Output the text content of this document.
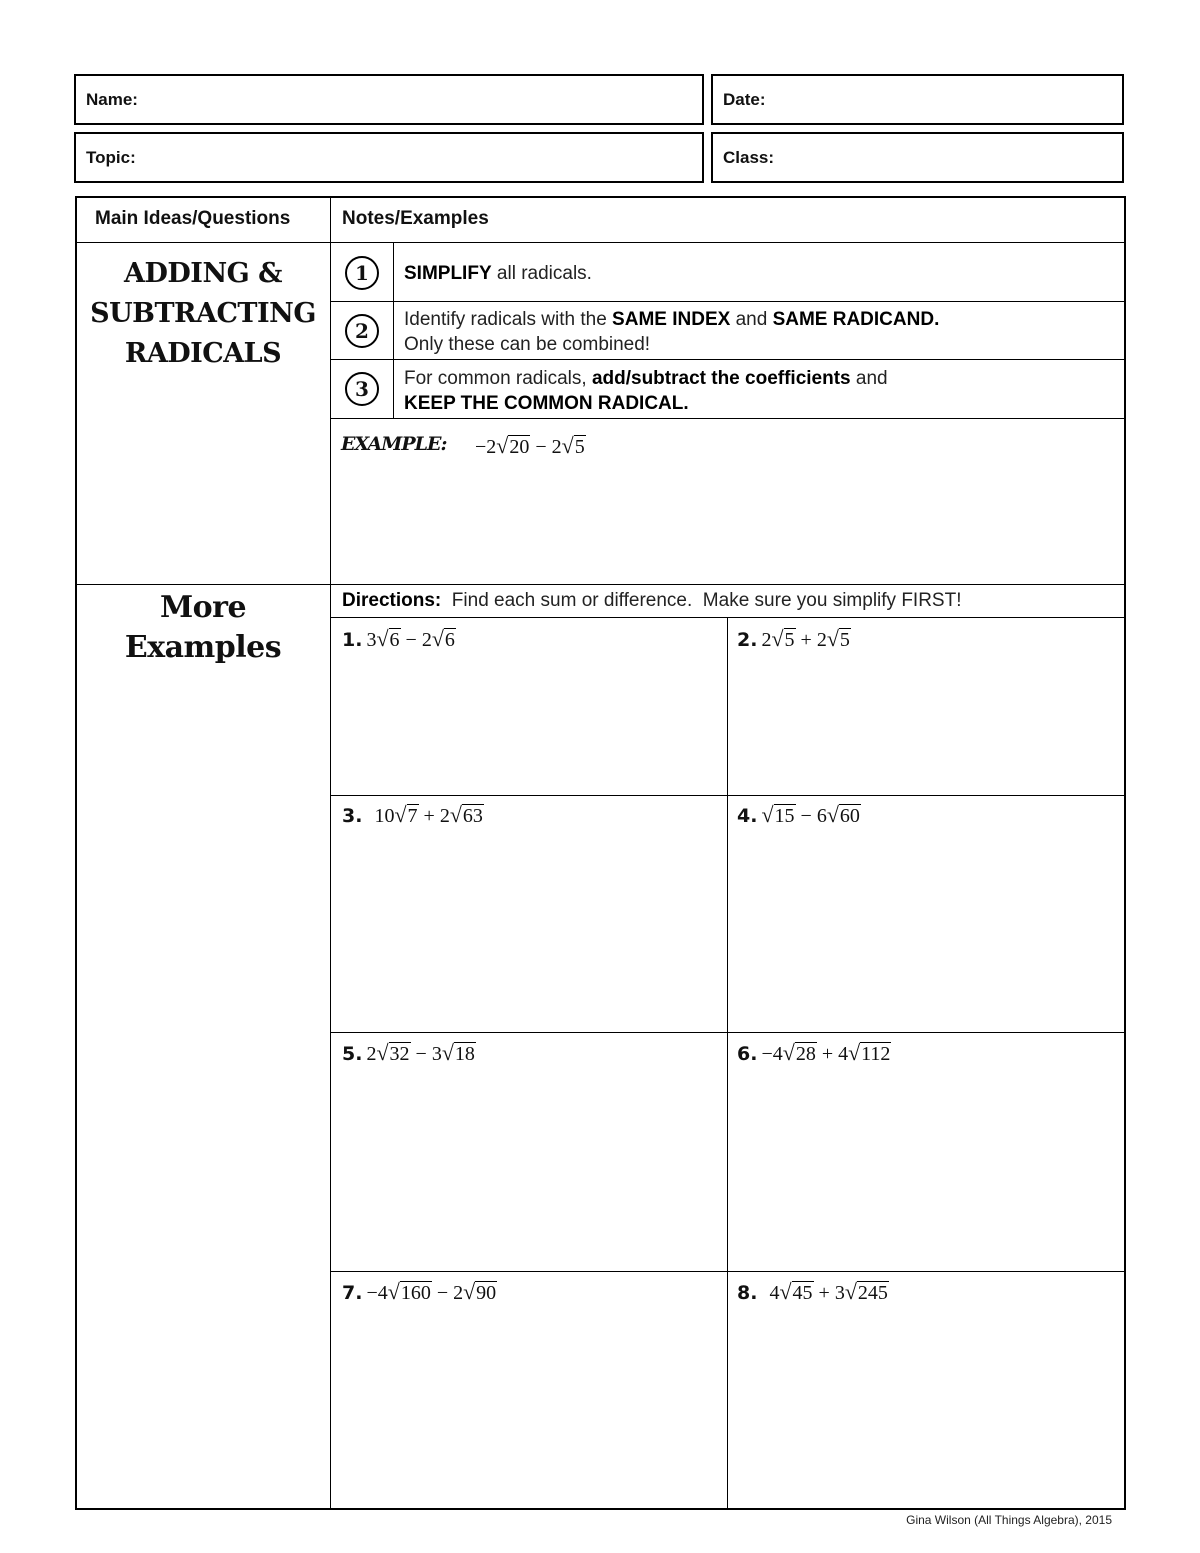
Name:	Date:
Topic:	Class:
Main Ideas/Questions	Notes/Examples
ADDING &
SUBTRACTING
RADICALS
1	SIMPLIFY all radicals.
2	Identify radicals with the SAME INDEX and SAME RADICAND.
Only these can be combined!
3	For common radicals, add/subtract the coefficients and
KEEP THE COMMON RADICAL.
EXAMPLE: −2√20 − 2√5
More
Examples
Directions:  Find each sum or difference.  Make sure you simplify FIRST!
1. 3√6 − 2√6	2. 2√5 + 2√5
3. 10√7 + 2√63	4. √15 − 6√60
5. 2√32 − 3√18	6. −4√28 + 4√112
7. −4√160 − 2√90	8. 4√45 + 3√245
Gina Wilson (All Things Algebra), 2015
